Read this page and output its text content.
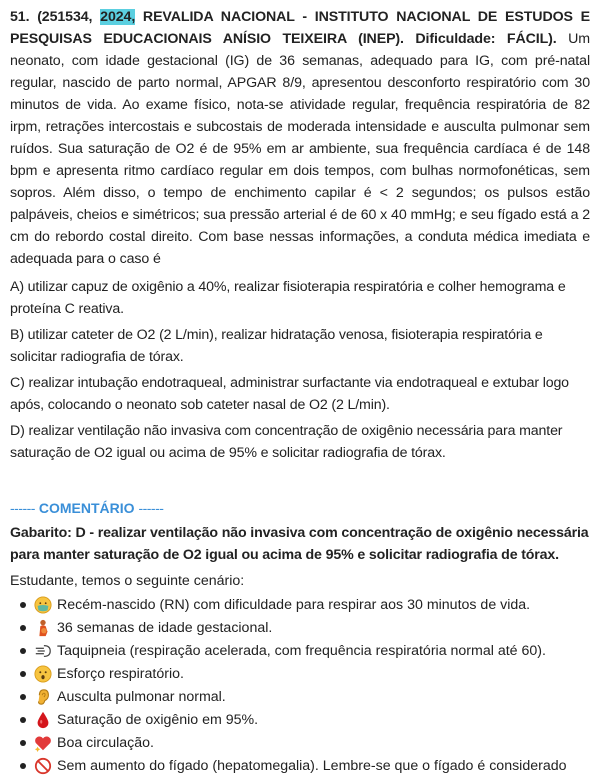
51. (251534, 2024, REVALIDA NACIONAL - INSTITUTO NACIONAL DE ESTUDOS E PESQUISAS EDUCACIONAIS ANÍSIO TEIXEIRA (INEP). Dificuldade: FÁCIL). Um neonato, com idade gestacional (IG) de 36 semanas, adequado para IG, com pré-natal regular, nascido de parto normal, APGAR 8/9, apresentou desconforto respiratório com 30 minutos de vida. Ao exame físico, nota-se atividade regular, frequência respiratória de 82 irpm, retrações intercostais e subcostais de moderada intensidade e ausculta pulmonar sem ruídos. Sua saturação de O2 é de 95% em ar ambiente, sua frequência cardíaca é de 148 bpm e apresenta ritmo cardíaco regular em dois tempos, com bulhas normofonéticas, sem sopros. Além disso, o tempo de enchimento capilar é < 2 segundos; os pulsos estão palpáveis, cheios e simétricos; sua pressão arterial é de 60 x 40 mmHg; e seu fígado está a 2 cm do rebordo costal direito. Com base nessas informações, a conduta médica imediata e adequada para o caso é

A) utilizar capuz de oxigênio a 40%, realizar fisioterapia respiratória e colher hemograma e proteína C reativa.

B) utilizar cateter de O2 (2 L/min), realizar hidratação venosa, fisioterapia respiratória e solicitar radiografia de tórax.

C) realizar intubação endotraqueal, administrar surfactante via endotraqueal e extubar logo após, colocando o neonato sob cateter nasal de O2 (2 L/min).

D) realizar ventilação não invasiva com concentração de oxigênio necessária para manter saturação de O2 igual ou acima de 95% e solicitar radiografia de tórax.

------ COMENTÁRIO ------

Gabarito: D - realizar ventilação não invasiva com concentração de oxigênio necessária para manter saturação de O2 igual ou acima de 95% e solicitar radiografia de tórax.

Estudante, temos o seguinte cenário:

Recém-nascido (RN) com dificuldade para respirar aos 30 minutos de vida.
36 semanas de idade gestacional.
Taquipneia (respiração acelerada, com frequência respiratória normal até 60).
Esforço respiratório.
Ausculta pulmonar normal.
Saturação de oxigênio em 95%.
Boa circulação.
Sem aumento do fígado (hepatomegalia). Lembre-se que o fígado é considerado
